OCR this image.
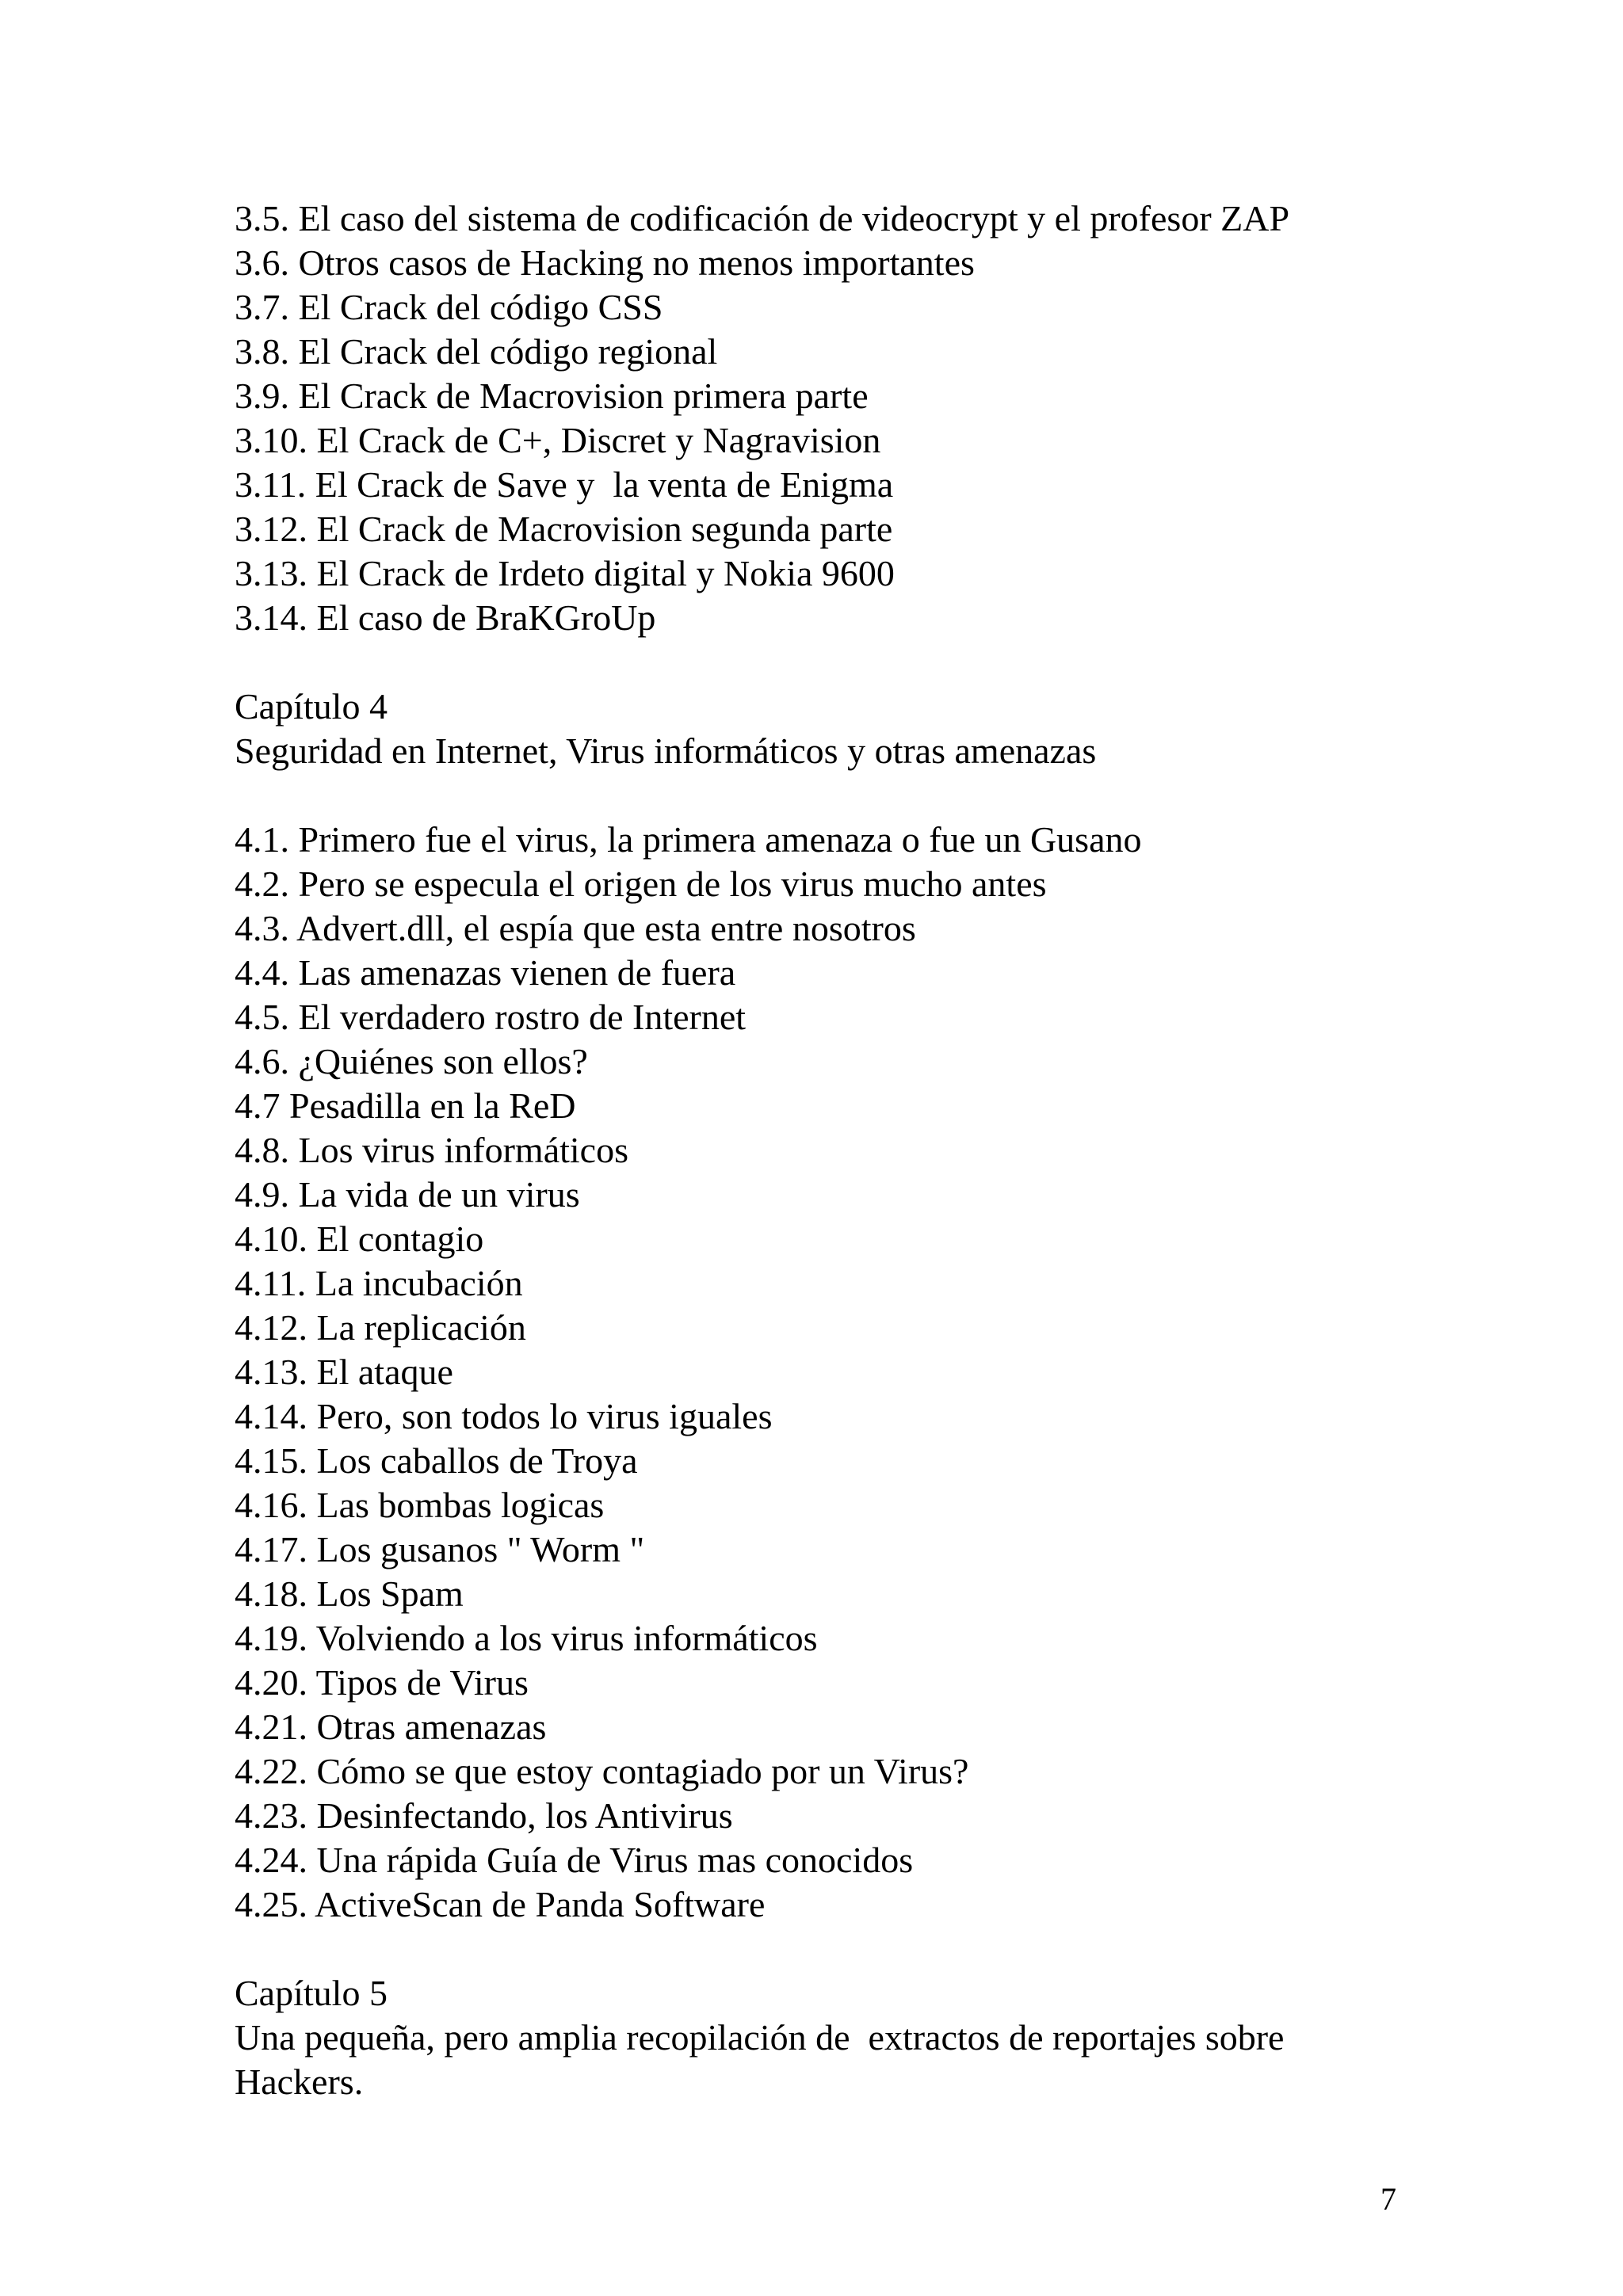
3.5. El caso del sistema de codificación de videocrypt y el profesor ZAP
3.6. Otros casos de Hacking no menos importantes
3.7. El Crack del código CSS
3.8. El Crack del código regional
3.9. El Crack de Macrovision primera parte
3.10. El Crack de C+, Discret y Nagravision
3.11. El Crack de Save y  la venta de Enigma
3.12. El Crack de Macrovision segunda parte
3.13. El Crack de Irdeto digital y Nokia 9600
3.14. El caso de BraKGroUp
Capítulo 4
Seguridad en Internet, Virus informáticos y otras amenazas
4.1. Primero fue el virus, la primera amenaza o fue un Gusano
4.2. Pero se especula el origen de los virus mucho antes
4.3. Advert.dll, el espía que esta entre nosotros
4.4. Las amenazas vienen de fuera
4.5. El verdadero rostro de Internet
4.6. ¿Quiénes son ellos?
4.7 Pesadilla en la ReD
4.8. Los virus informáticos
4.9. La vida de un virus
4.10. El contagio
4.11. La incubación
4.12. La replicación
4.13. El ataque
4.14. Pero, son todos lo virus iguales
4.15. Los caballos de Troya
4.16. Las bombas logicas
4.17. Los gusanos " Worm "
4.18. Los Spam
4.19. Volviendo a los virus informáticos
4.20. Tipos de Virus
4.21. Otras amenazas
4.22. Cómo se que estoy contagiado por un Virus?
4.23. Desinfectando, los Antivirus
4.24. Una rápida Guía de Virus mas conocidos
4.25. ActiveScan de Panda Software
Capítulo 5
Una pequeña, pero amplia recopilación de  extractos de reportajes sobre
Hackers.
7
